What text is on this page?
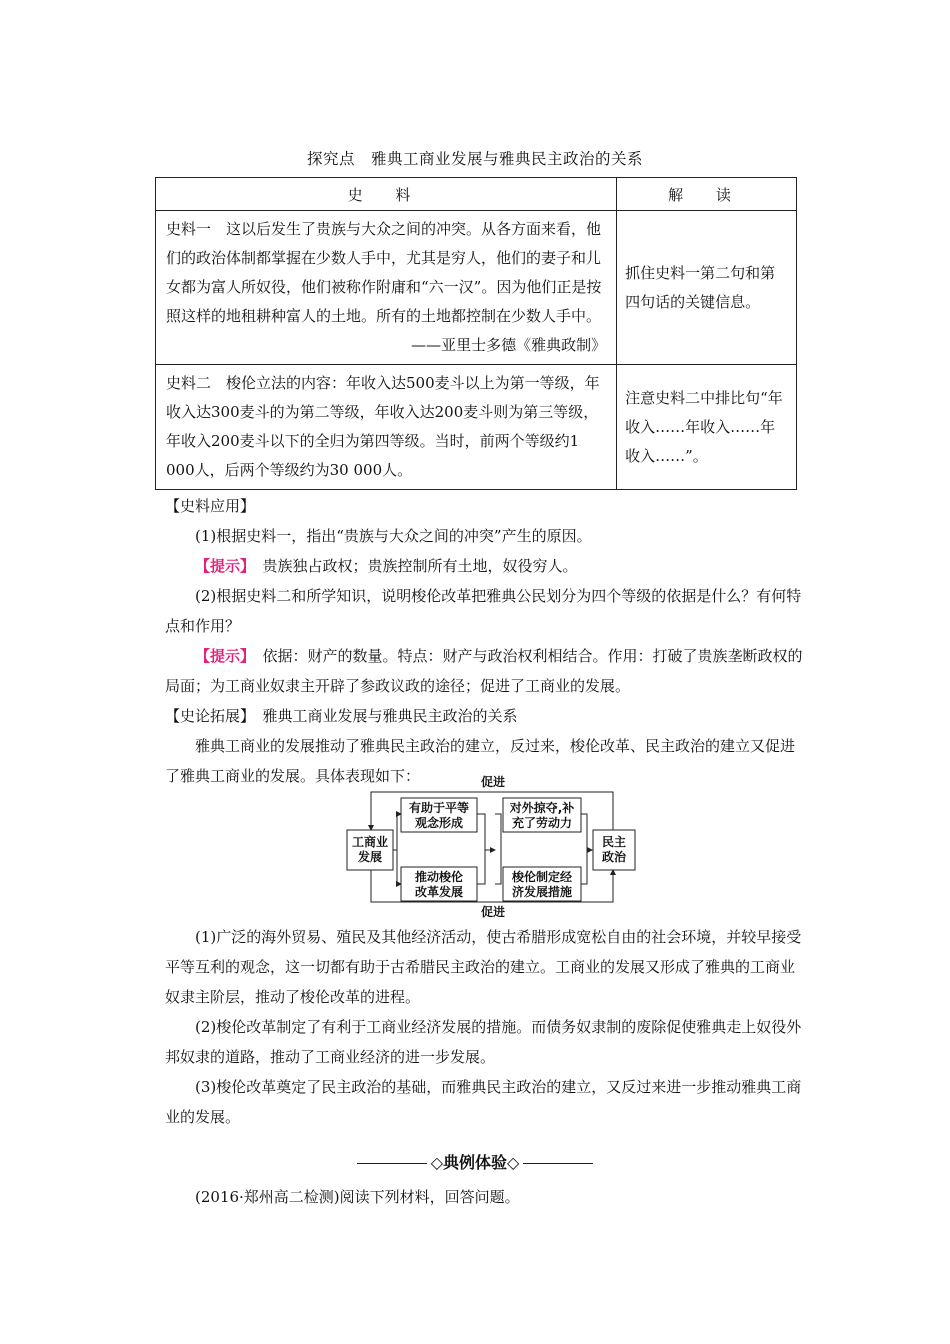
探究点　雅典工商业发展与雅典民主政治的关系
史 料	解 读

史料一　这以后发生了贵族与大众之间的冲突。从各方面来看，他们的政治体制都掌握在少数人手中，尤其是穷人，他们的妻子和儿女都为富人所奴役，他们被称作附庸和“六一汉”。因为他们正是按照这样的地租耕种富人的土地。所有的土地都控制在少数人手中。
——亚里士多德《雅典政制》	抓住史料一第二句和第四句话的关键信息。

史料二　梭伦立法的内容：年收入达500麦斗以上为第一等级，年收入达300麦斗的为第二等级，年收入达200麦斗则为第三等级，年收入200麦斗以下的全归为第四等级。当时，前两个等级约1 000人，后两个等级约为30 000人。	注意史料二中排比句“年收入……年收入……年收入……”。
【史料应用】
(1)根据史料一，指出“贵族与大众之间的冲突”产生的原因。
【提示】　 贵族独占政权；贵族控制所有土地，奴役穷人。
(2)根据史料二和所学知识，说明梭伦改革把雅典公民划分为四个等级的依据是什么？有何特点和作用？
【提示】　 依据：财产的数量。特点：财产与政治权利相结合。作用：打破了贵族垄断政权的局面；为工商业奴隶主开辟了参政议政的途径；促进了工商业的发展。
【史论拓展】　 雅典工商业发展与雅典民主政治的关系
雅典工商业的发展推动了雅典民主政治的建立，反过来，梭伦改革、民主政治的建立又促进了雅典工商业的发展。具体表现如下：	促进
促进
工商业
发展
民主
政治
有助于平等
观念形成
推动梭伦
改革发展
对外掠夺,补
充了劳动力
梭伦制定经
济发展措施
(1)广泛的海外贸易、殖民及其他经济活动，使古希腊形成宽松自由的社会环境，并较早接受平等互利的观念，这一切都有助于古希腊民主政治的建立。工商业的发展又形成了雅典的工商业奴隶主阶层，推动了梭伦改革的进程。
(2)梭伦改革制定了有利于工商业经济发展的措施。而债务奴隶制的废除促使雅典走上奴役外邦奴隶的道路，推动了工商业经济的进一步发展。
(3)梭伦改革奠定了民主政治的基础，而雅典民主政治的建立，又反过来进一步推动雅典工商业的发展。
◇典例体验◇
(2016·郑州高二检测)阅读下列材料，回答问题。
